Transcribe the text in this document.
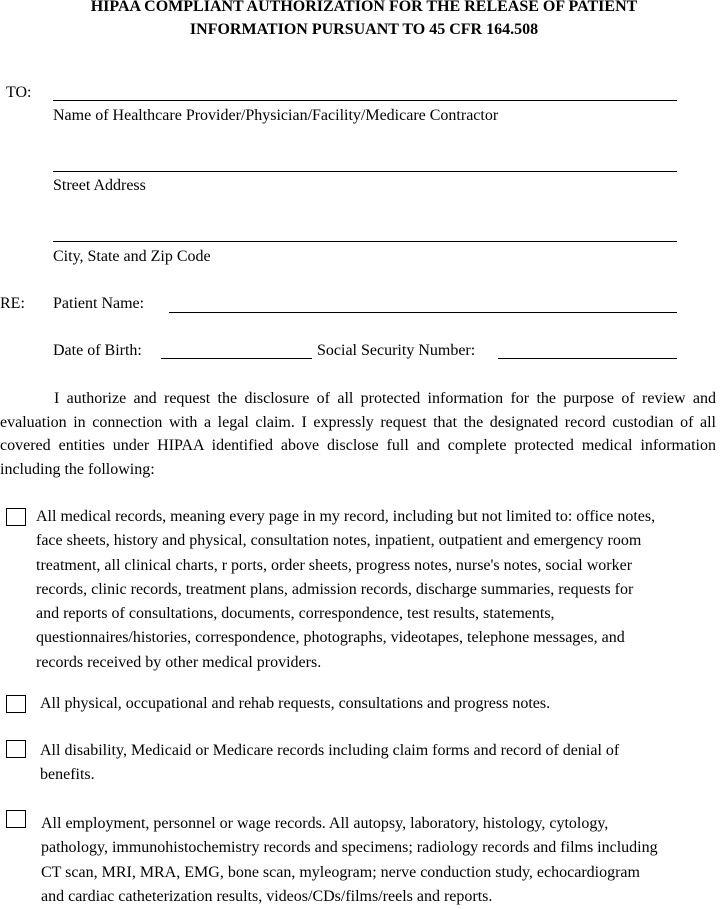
HIPAA COMPLIANT AUTHORIZATION FOR THE RELEASE OF PATIENT
INFORMATION PURSUANT TO 45 CFR 164.508
TO:
Name of Healthcare Provider/Physician/Facility/Medicare Contractor
Street Address
City, State and Zip Code
RE: Patient Name:
Date of Birth:	Social Security Number:

I authorize and request the disclosure of all protected information for the purpose of review and evaluation in connection with a legal claim. I expressly request that the designated record custodian of all covered entities under HIPAA identified above disclose full and complete protected medical information including the following:

All medical records, meaning every page in my record, including but not limited to: office notes,
face sheets, history and physical, consultation notes, inpatient, outpatient and emergency room
treatment, all clinical charts, r ports, order sheets, progress notes, nurse's notes, social worker
records, clinic records, treatment plans, admission records, discharge summaries, requests for
and reports of consultations, documents, correspondence, test results, statements,
questionnaires/histories, correspondence, photographs, videotapes, telephone messages, and
records received by other medical providers.
All physical, occupational and rehab requests, consultations and progress notes.
All disability, Medicaid or Medicare records including claim forms and record of denial of
benefits.
All employment, personnel or wage records. All autopsy, laboratory, histology, cytology,
pathology, immunohistochemistry records and specimens; radiology records and films including
CT scan, MRI, MRA, EMG, bone scan, myleogram; nerve conduction study, echocardiogram
and cardiac catheterization results, videos/CDs/films/reels and reports.
